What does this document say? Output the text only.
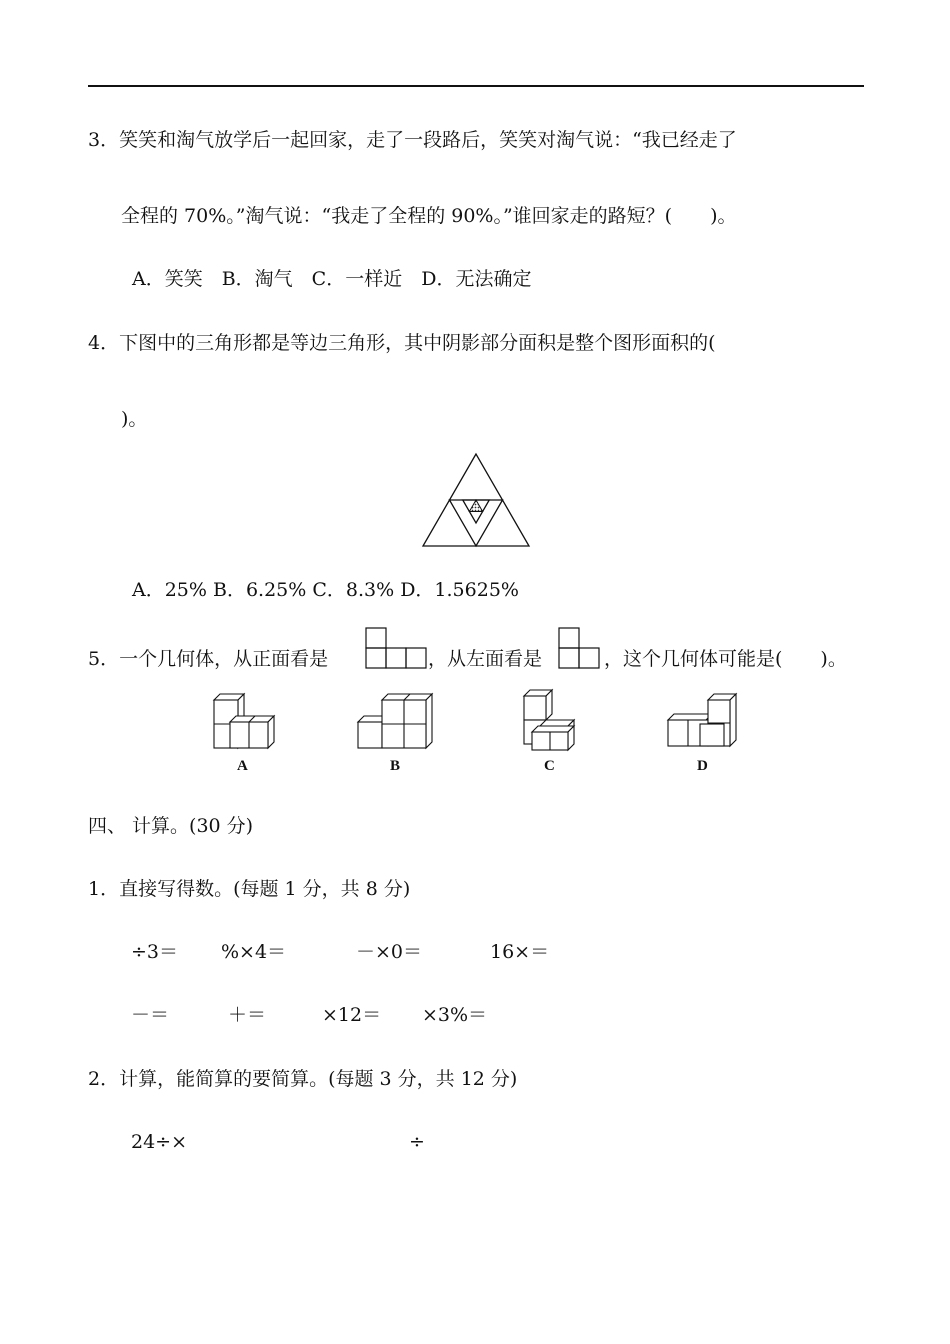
3．笑笑和淘气放学后一起回家，走了一段路后，笑笑对淘气说：“我已经走了
全程的 70%。”淘气说：“我走了全程的 90%。”谁回家走的路短？(　　)。
A．笑笑　B．淘气　C．一样近　D．无法确定
4．下图中的三角形都是等边三角形，其中阴影部分面积是整个图形面积的(
)。
A．25% B．6.25% C．8.3% D．1.5625%
5．一个几何体，从正面看是	，从左面看是	，这个几何体可能是(　　)。
A	B	C	D
四、 计算。(30 分)
1．直接写得数。(每题 1 分，共 8 分)
÷3＝ %×4＝	－×0＝	16×＝
－＝	＋＝	×12＝ ×3%＝
2．计算，能简算的要简算。(每题 3 分，共 12 分)
24÷×	÷
